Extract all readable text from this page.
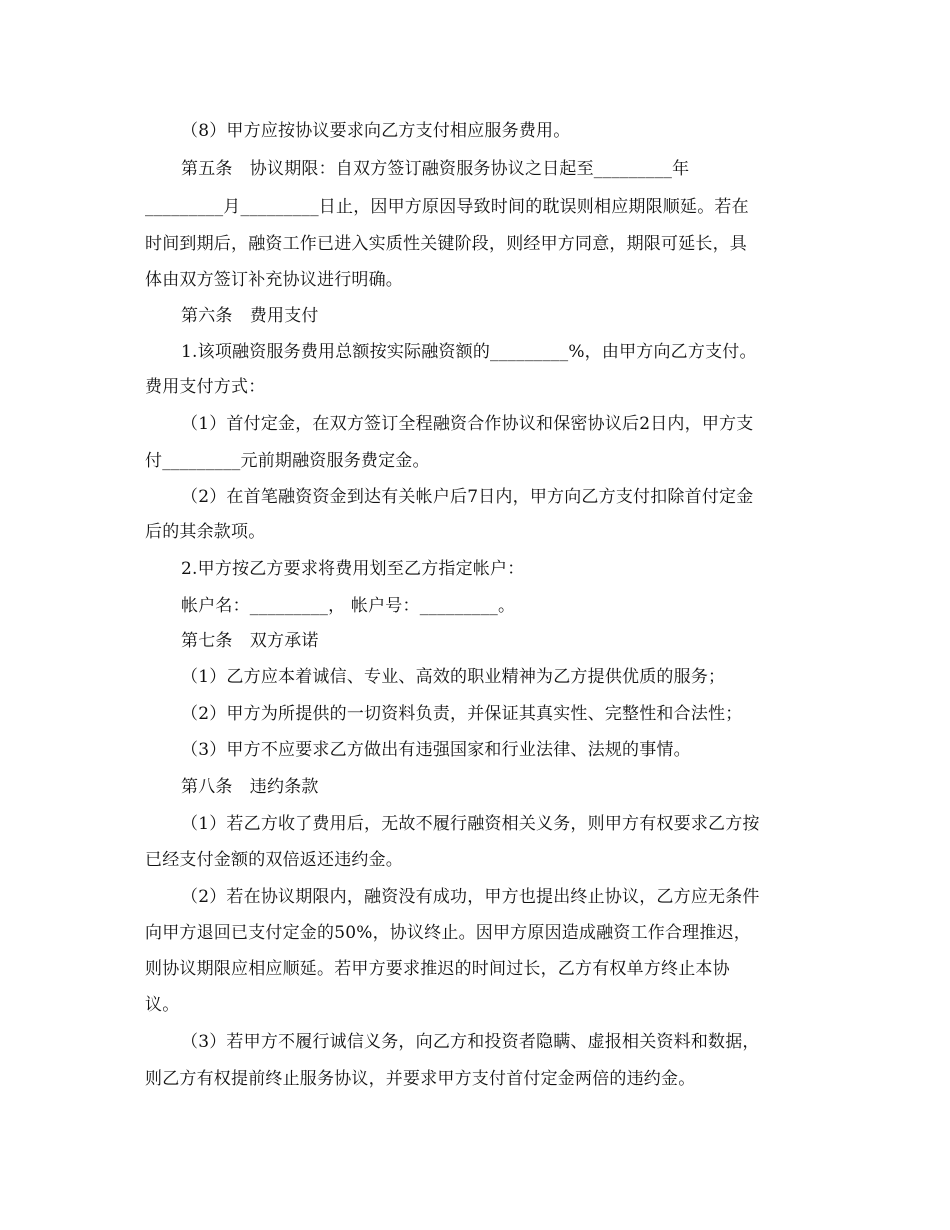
（8）甲方应按协议要求向乙方支付相应服务费用。
第五条　协议期限：自双方签订融资服务协议之日起至_________年
_________月_________日止，因甲方原因导致时间的耽误则相应期限顺延。若在
时间到期后，融资工作已进入实质性关键阶段，则经甲方同意，期限可延长，具
体由双方签订补充协议进行明确。
第六条　费用支付
1.该项融资服务费用总额按实际融资额的_________%，由甲方向乙方支付。
费用支付方式：
（1）首付定金，在双方签订全程融资合作协议和保密协议后2日内，甲方支
付_________元前期融资服务费定金。
（2）在首笔融资资金到达有关帐户后7日内，甲方向乙方支付扣除首付定金
后的其余款项。
2.甲方按乙方要求将费用划至乙方指定帐户：
帐户名：_________， 帐户号：_________。
第七条　双方承诺
（1）乙方应本着诚信、专业、高效的职业精神为乙方提供优质的服务；
（2）甲方为所提供的一切资料负责，并保证其真实性、完整性和合法性；
（3）甲方不应要求乙方做出有违强国家和行业法律、法规的事情。
第八条　违约条款
（1）若乙方收了费用后，无故不履行融资相关义务，则甲方有权要求乙方按
已经支付金额的双倍返还违约金。
（2）若在协议期限内，融资没有成功，甲方也提出终止协议，乙方应无条件
向甲方退回已支付定金的50%，协议终止。因甲方原因造成融资工作合理推迟，
则协议期限应相应顺延。若甲方要求推迟的时间过长，乙方有权单方终止本协
议。
（3）若甲方不履行诚信义务，向乙方和投资者隐瞒、虚报相关资料和数据，
则乙方有权提前终止服务协议，并要求甲方支付首付定金两倍的违约金。
